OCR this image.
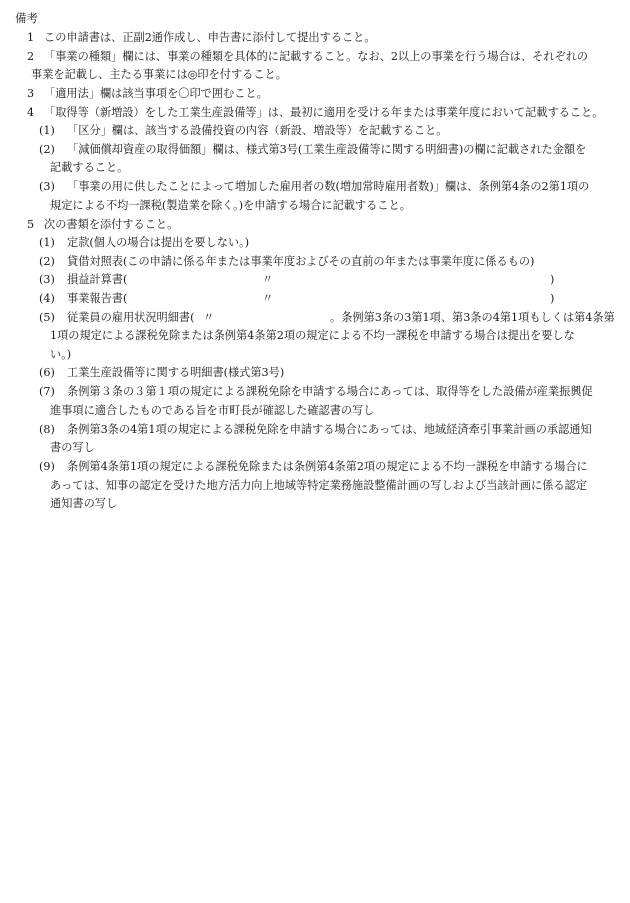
備考
1 この申請書は、正副2通作成し、申告書に添付して提出すること。
2 「事業の種類」欄には、事業の種類を具体的に記載すること。なお、2以上の事業を行う場合は、それぞれの
事業を記載し、主たる事業には◎印を付すること。
3 「適用法」欄は該当事項を〇印で囲むこと。
4 「取得等（新増設）をした工業生産設備等」は、最初に適用を受ける年または事業年度において記載すること。
(1) 「区分」欄は、該当する設備投資の内容（新設、増設等）を記載すること。
(2) 「減価償却資産の取得価額」欄は、様式第3号(工業生産設備等に関する明細書)の欄に記載された金額を
記載すること。
(3) 「事業の用に供したことによって増加した雇用者の数(増加常時雇用者数)」欄は、条例第4条の2第1項の
規定による不均一課税(製造業を除く。)を申請する場合に記載すること。
5 次の書類を添付すること。
(1) 定款(個人の場合は提出を要しない。)
(2) 貸借対照表(この申請に係る年または事業年度およびその直前の年または事業年度に係るもの)
(3) 損益計算書(	〃	)
(4) 事業報告書(	〃	)
(5) 従業員の雇用状況明細書( 〃	。条例第3条の3第1項、第3条の4第1項もしくは第4条第
1項の規定による課税免除または条例第4条第2項の規定による不均一課税を申請する場合は提出を要しな
い。)
(6) 工業生産設備等に関する明細書(様式第3号)
(7) 条例第３条の３第１項の規定による課税免除を申請する場合にあっては、取得等をした設備が産業振興促
進事項に適合したものである旨を市町長が確認した確認書の写し
(8) 条例第3条の4第1項の規定による課税免除を申請する場合にあっては、地域経済牽引事業計画の承認通知
書の写し
(9) 条例第4条第1項の規定による課税免除または条例第4条第2項の規定による不均一課税を申請する場合に
あっては、知事の認定を受けた地方活力向上地域等特定業務施設整備計画の写しおよび当該計画に係る認定
通知書の写し
